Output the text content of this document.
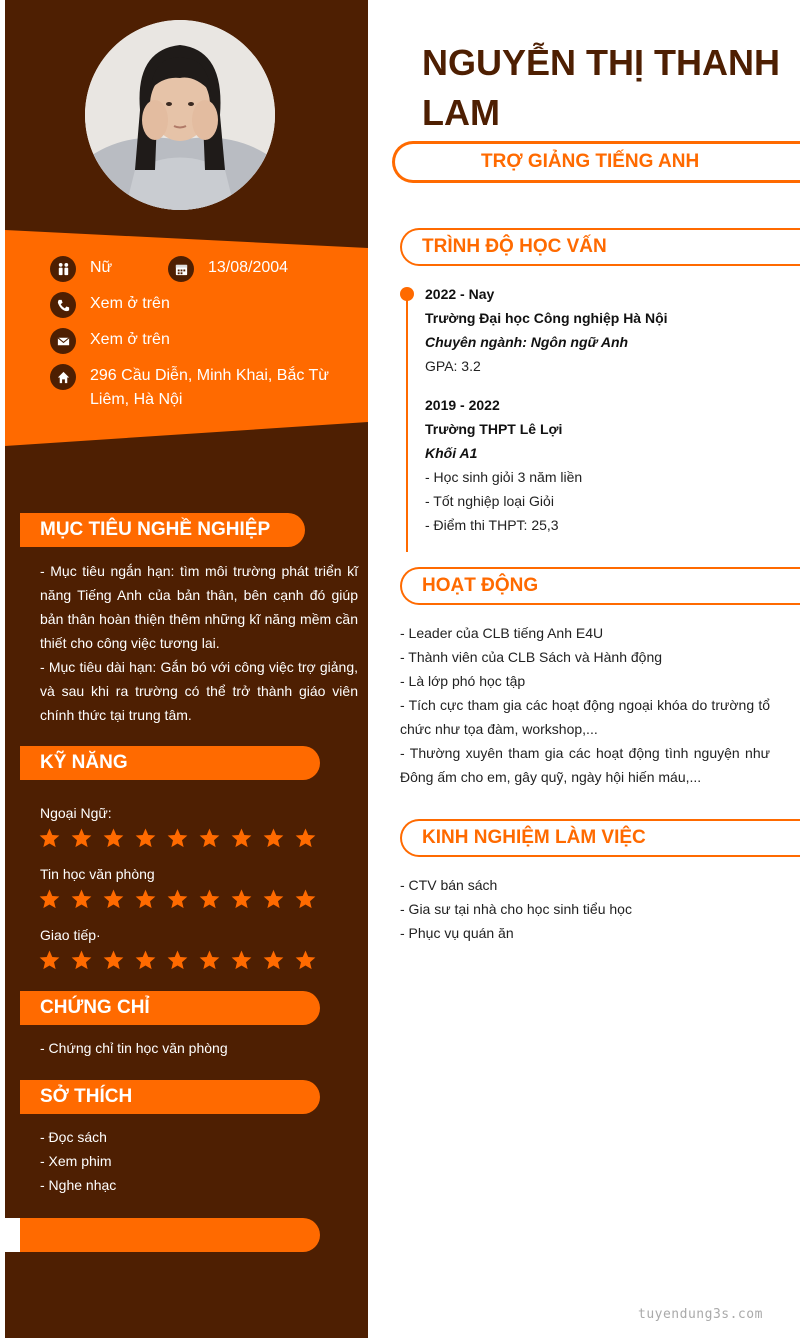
Nữ	13/08/2004
Xem ở trên
Xem ở trên
296 Cầu Diễn, Minh Khai, Bắc Từ Liêm, Hà Nội
MỤC TIÊU NGHỀ NGHIỆP
- Mục tiêu ngắn hạn: tìm môi trường phát triển kĩ năng Tiếng Anh của bản thân, bên cạnh đó giúp bản thân hoàn thiện thêm những kĩ năng mềm cần thiết cho công việc tương lai.
- Mục tiêu dài hạn: Gắn bó với công việc trợ giảng, và sau khi ra trường có thể trở thành giáo viên chính thức tại trung tâm.
KỸ NĂNG
Ngoại Ngữ:
Tin học văn phòng
Giao tiếp·
CHỨNG CHỈ
- Chứng chỉ tin học văn phòng
SỞ THÍCH
- Đọc sách
- Xem phim
- Nghe nhạc
NGUYỄN THỊ THANH LAM
TRỢ GIẢNG TIẾNG ANH
TRÌNH ĐỘ HỌC VẤN
2022 - Nay
Trường Đại học Công nghiệp Hà Nội
Chuyên ngành: Ngôn ngữ Anh
GPA: 3.2
2019 - 2022
Trường THPT Lê Lợi
Khối A1
- Học sinh giỏi 3 năm liền
- Tốt nghiệp loại Giỏi
- Điểm thi THPT: 25,3
HOẠT ĐỘNG
- Leader của CLB tiếng Anh E4U
- Thành viên của CLB Sách và Hành động
- Là lớp phó học tập
- Tích cực tham gia các hoạt động ngoại khóa do trường tổ chức như tọa đàm, workshop,...
- Thường xuyên tham gia các hoạt động tình nguyện như Đông ấm cho em, gây quỹ, ngày hội hiến máu,...
KINH NGHIỆM LÀM VIỆC
- CTV bán sách
- Gia sư tại nhà cho học sinh tiểu học
- Phục vụ quán ăn
tuyendung3s.com
